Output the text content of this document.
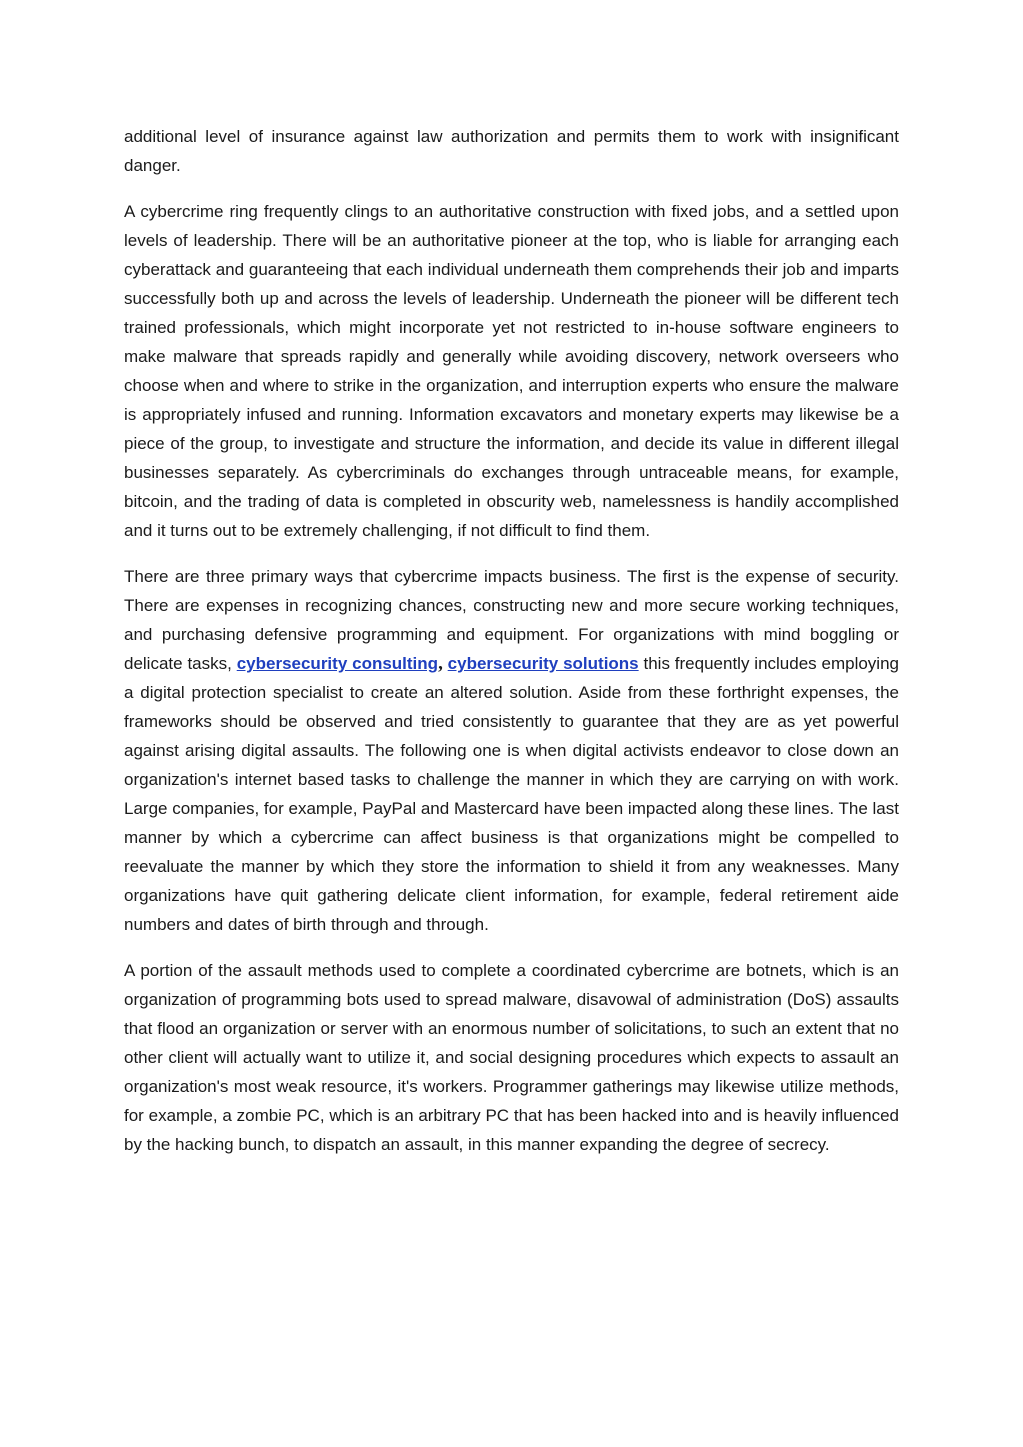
additional level of insurance against law authorization and permits them to work with insignificant danger.

A cybercrime ring frequently clings to an authoritative construction with fixed jobs, and a settled upon levels of leadership. There will be an authoritative pioneer at the top, who is liable for arranging each cyberattack and guaranteeing that each individual underneath them comprehends their job and imparts successfully both up and across the levels of leadership. Underneath the pioneer will be different tech trained professionals, which might incorporate yet not restricted to in-house software engineers to make malware that spreads rapidly and generally while avoiding discovery, network overseers who choose when and where to strike in the organization, and interruption experts who ensure the malware is appropriately infused and running. Information excavators and monetary experts may likewise be a piece of the group, to investigate and structure the information, and decide its value in different illegal businesses separately. As cybercriminals do exchanges through untraceable means, for example, bitcoin, and the trading of data is completed in obscurity web, namelessness is handily accomplished and it turns out to be extremely challenging, if not difficult to find them.

There are three primary ways that cybercrime impacts business. The first is the expense of security. There are expenses in recognizing chances, constructing new and more secure working techniques, and purchasing defensive programming and equipment. For organizations with mind boggling or delicate tasks, cybersecurity consulting, cybersecurity solutions this frequently includes employing a digital protection specialist to create an altered solution. Aside from these forthright expenses, the frameworks should be observed and tried consistently to guarantee that they are as yet powerful against arising digital assaults. The following one is when digital activists endeavor to close down an organization's internet based tasks to challenge the manner in which they are carrying on with work. Large companies, for example, PayPal and Mastercard have been impacted along these lines. The last manner by which a cybercrime can affect business is that organizations might be compelled to reevaluate the manner by which they store the information to shield it from any weaknesses. Many organizations have quit gathering delicate client information, for example, federal retirement aide numbers and dates of birth through and through.

A portion of the assault methods used to complete a coordinated cybercrime are botnets, which is an organization of programming bots used to spread malware, disavowal of administration (DoS) assaults that flood an organization or server with an enormous number of solicitations, to such an extent that no other client will actually want to utilize it, and social designing procedures which expects to assault an organization's most weak resource, it's workers. Programmer gatherings may likewise utilize methods, for example, a zombie PC, which is an arbitrary PC that has been hacked into and is heavily influenced by the hacking bunch, to dispatch an assault, in this manner expanding the degree of secrecy.
